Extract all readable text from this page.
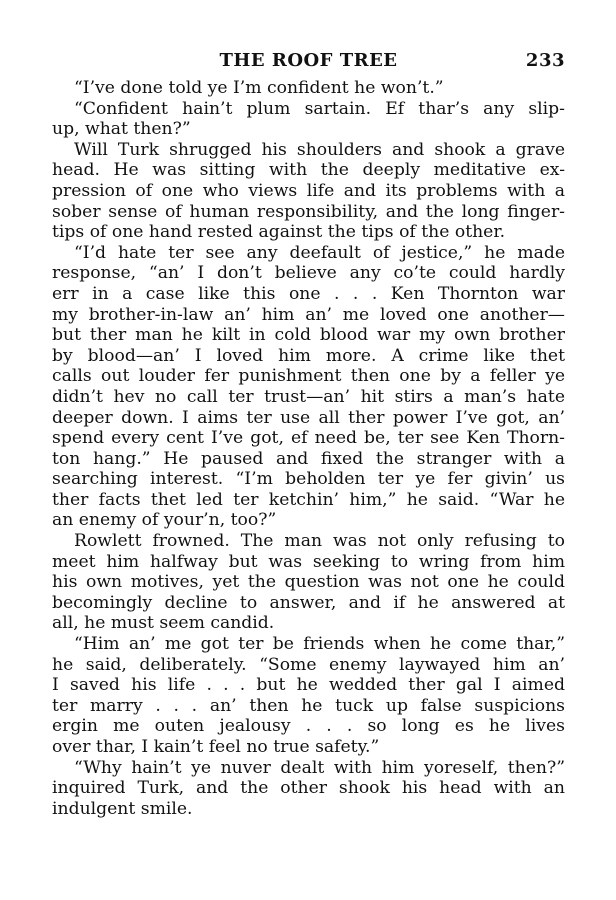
THE ROOF TREE	233
“I’ve done told ye I’m confident he won’t.”
“Confident hain’t plum sartain. Ef thar’s any slip-
up, what then?”
Will Turk shrugged his shoulders and shook a grave
head. He was sitting with the deeply meditative ex-
pression of one who views life and its problems with a
sober sense of human responsibility, and the long finger-
tips of one hand rested against the tips of the other.
“I’d hate ter see any deefault of jestice,” he made
response, “an’ I don’t believe any co’te could hardly
err in a case like this one . . . Ken Thornton war
my brother-in-law an’ him an’ me loved one another—
but ther man he kilt in cold blood war my own brother
by blood—an’ I loved him more. A crime like thet
calls out louder fer punishment then one by a feller ye
didn’t hev no call ter trust—an’ hit stirs a man’s hate
deeper down. I aims ter use all ther power I’ve got, an’
spend every cent I’ve got, ef need be, ter see Ken Thorn-
ton hang.” He paused and fixed the stranger with a
searching interest. “I’m beholden ter ye fer givin’ us
ther facts thet led ter ketchin’ him,” he said. “War he
an enemy of your’n, too?”
Rowlett frowned. The man was not only refusing to
meet him halfway but was seeking to wring from him
his own motives, yet the question was not one he could
becomingly decline to answer, and if he answered at
all, he must seem candid.
“Him an’ me got ter be friends when he come thar,”
he said, deliberately. “Some enemy laywayed him an’
I saved his life . . . but he wedded ther gal I aimed
ter marry . . . an’ then he tuck up false suspicions
ergin me outen jealousy . . . so long es he lives
over thar, I kain’t feel no true safety.”
“Why hain’t ye nuver dealt with him yoreself, then?”
inquired Turk, and the other shook his head with an
indulgent smile.
